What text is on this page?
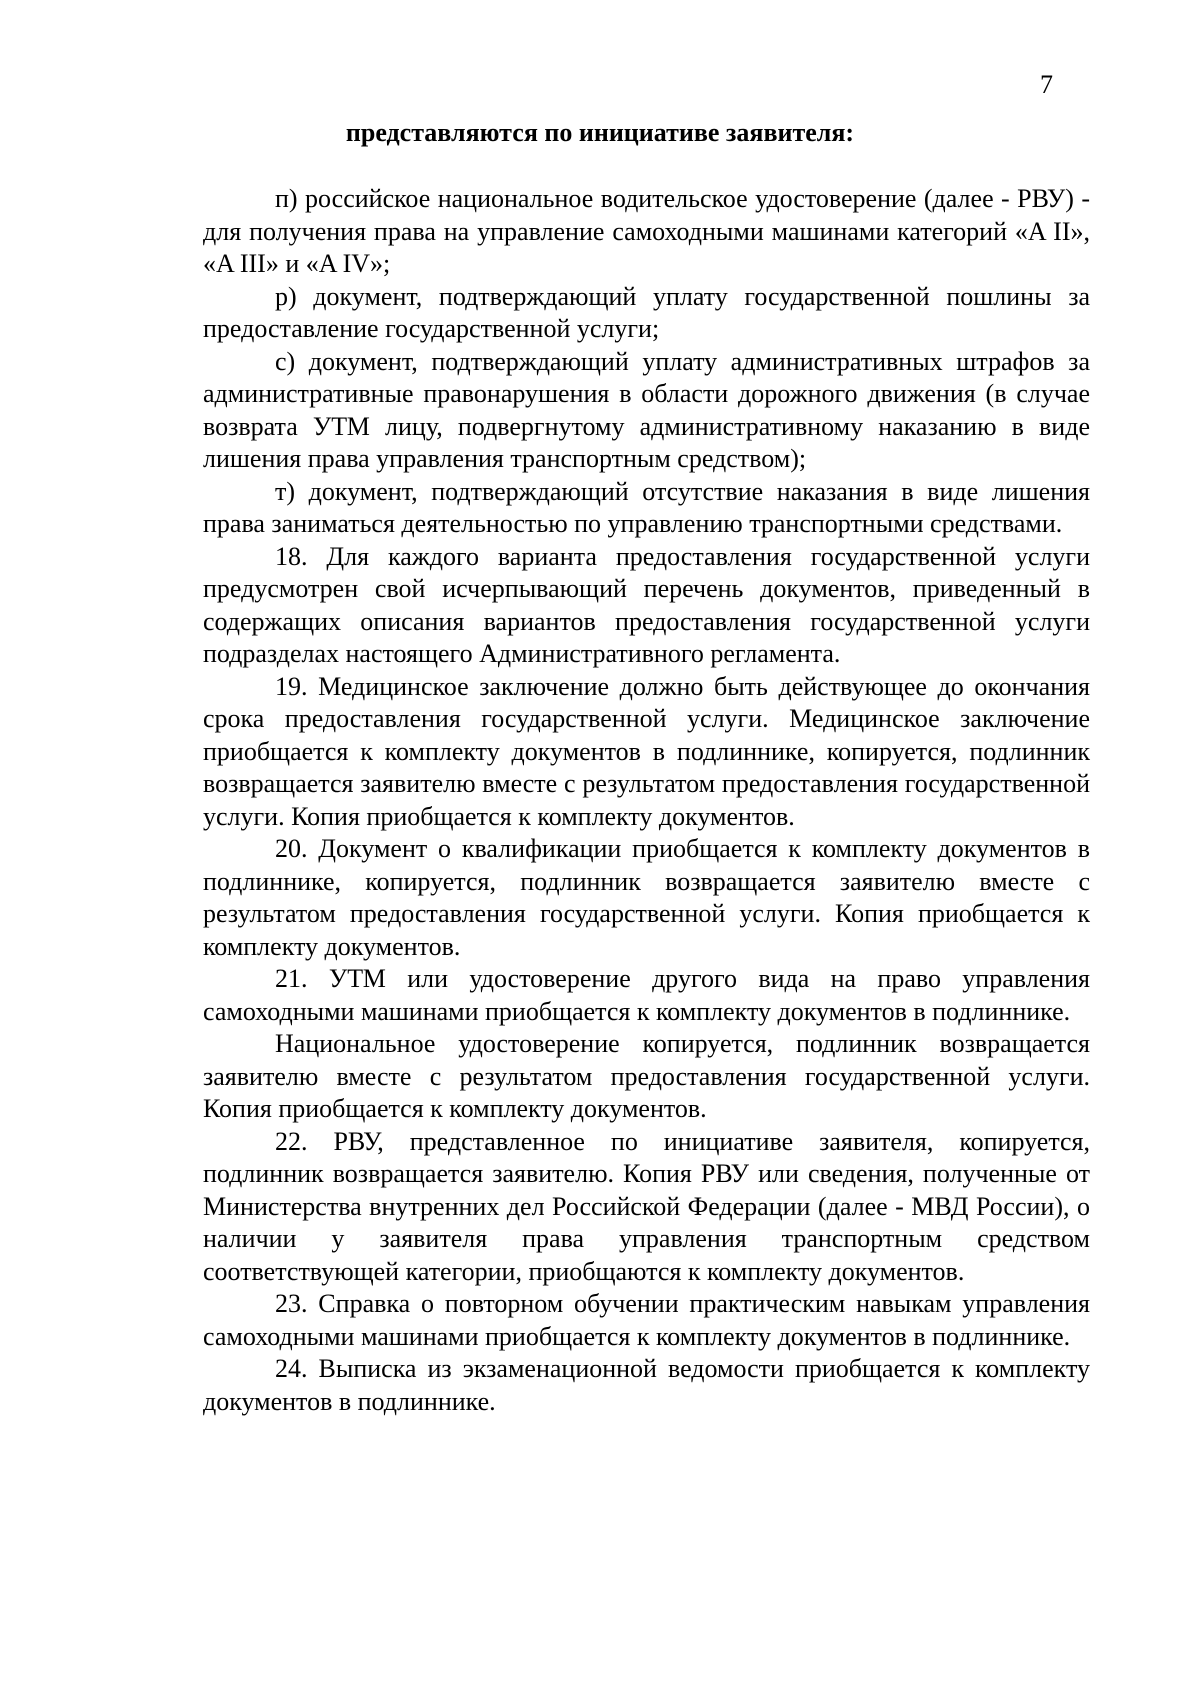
7
представляются по инициативе заявителя:

п) российское национальное водительское удостоверение (далее - РВУ) - для получения права на управление самоходными машинами категорий «A II», «A III» и «A IV»;

р) документ, подтверждающий уплату государственной пошлины за предоставление государственной услуги;

с) документ, подтверждающий уплату административных штрафов за административные правонарушения в области дорожного движения (в случае возврата УТМ лицу, подвергнутому административному наказанию в виде лишения права управления транспортным средством);

т) документ, подтверждающий отсутствие наказания в виде лишения права заниматься деятельностью по управлению транспортными средствами.

18. Для каждого варианта предоставления государственной услуги предусмотрен свой исчерпывающий перечень документов, приведенный в содержащих описания вариантов предоставления государственной услуги подразделах настоящего Административного регламента.

19. Медицинское заключение должно быть действующее до окончания срока предоставления государственной услуги. Медицинское заключение приобщается к комплекту документов в подлиннике, копируется, подлинник возвращается заявителю вместе с результатом предоставления государственной услуги. Копия приобщается к комплекту документов.

20. Документ о квалификации приобщается к комплекту документов в подлиннике, копируется, подлинник возвращается заявителю вместе с результатом предоставления государственной услуги. Копия приобщается к комплекту документов.

21. УТМ или удостоверение другого вида на право управления самоходными машинами приобщается к комплекту документов в подлиннике.

Национальное удостоверение копируется, подлинник возвращается заявителю вместе с результатом предоставления государственной услуги. Копия приобщается к комплекту документов.

22. РВУ, представленное по инициативе заявителя, копируется, подлинник возвращается заявителю. Копия РВУ или сведения, полученные от Министерства внутренних дел Российской Федерации (далее - МВД России), о наличии у заявителя права управления транспортным средством соответствующей категории, приобщаются к комплекту документов.

23. Справка о повторном обучении практическим навыкам управления самоходными машинами приобщается к комплекту документов в подлиннике.

24. Выписка из экзаменационной ведомости приобщается к комплекту документов в подлиннике.
